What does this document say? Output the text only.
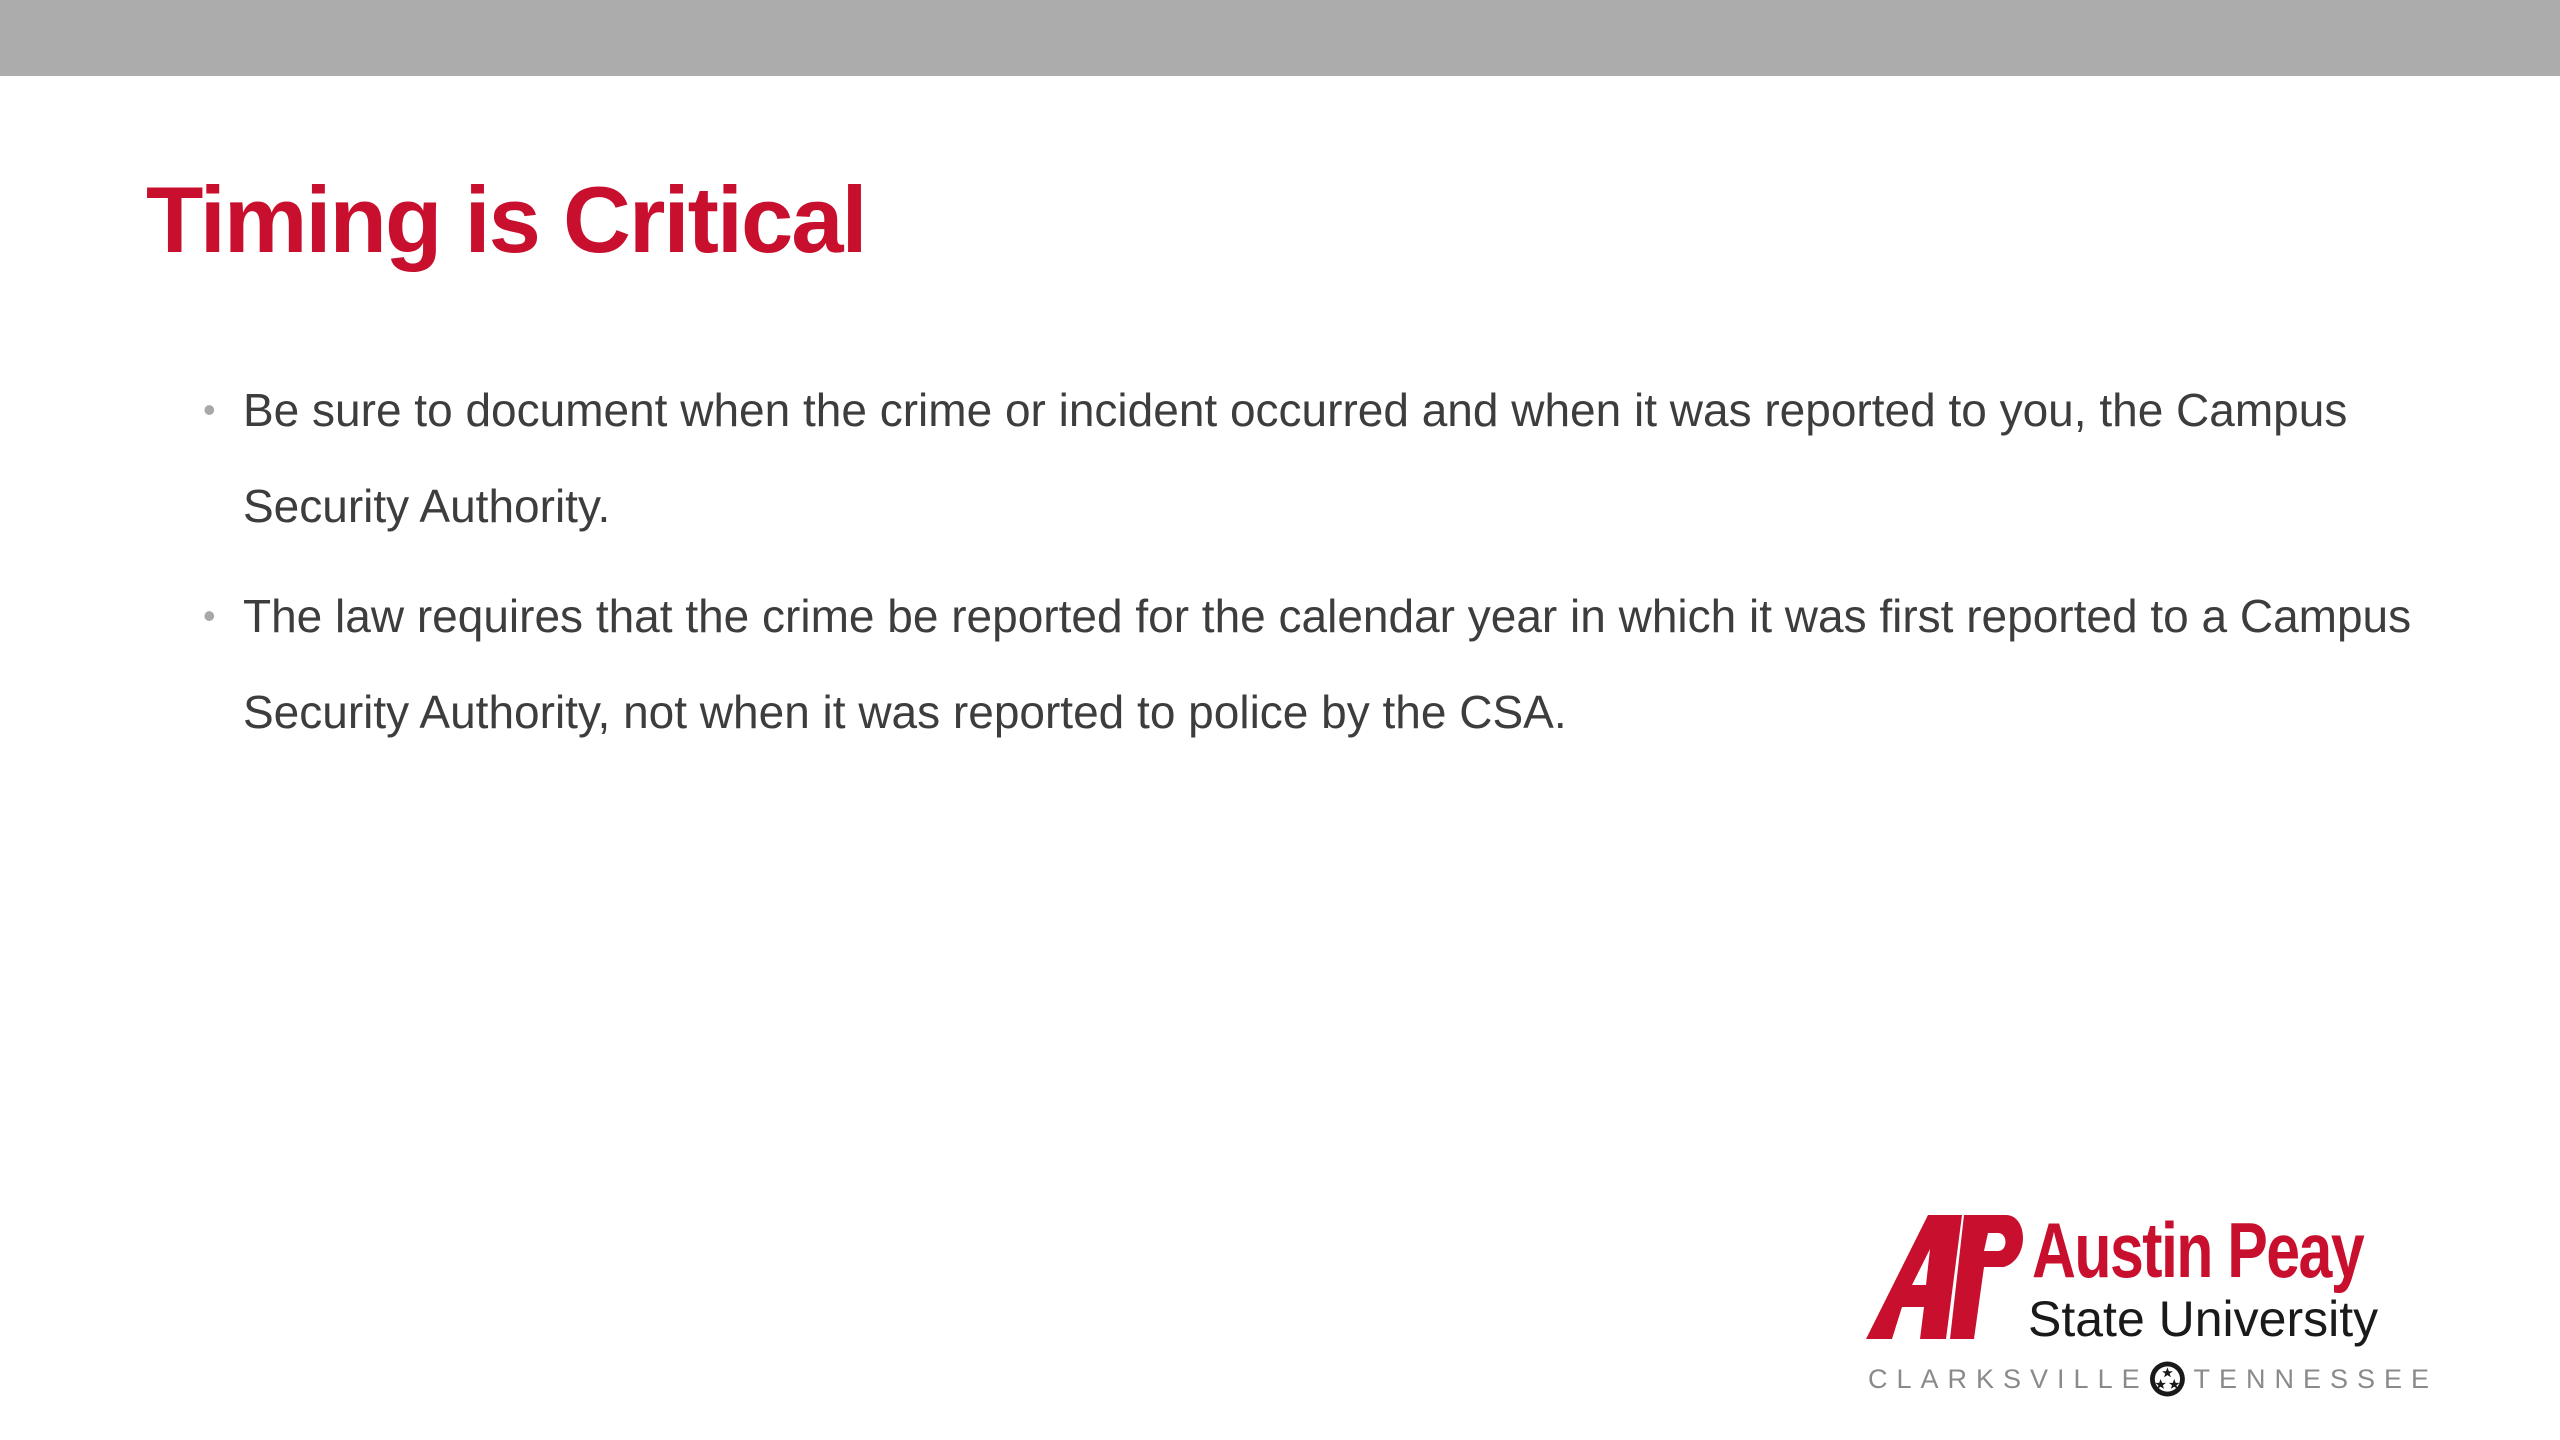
Timing is Critical
• Be sure to document when the crime or incident occurred and when it was reported to you, the Campus Security Authority.
• The law requires that the crime be reported for the calendar year in which it was first reported to a Campus Security Authority, not when it was reported to police by the CSA.
Austin Peay
State University
CLARKSVILLE TENNESSEE
